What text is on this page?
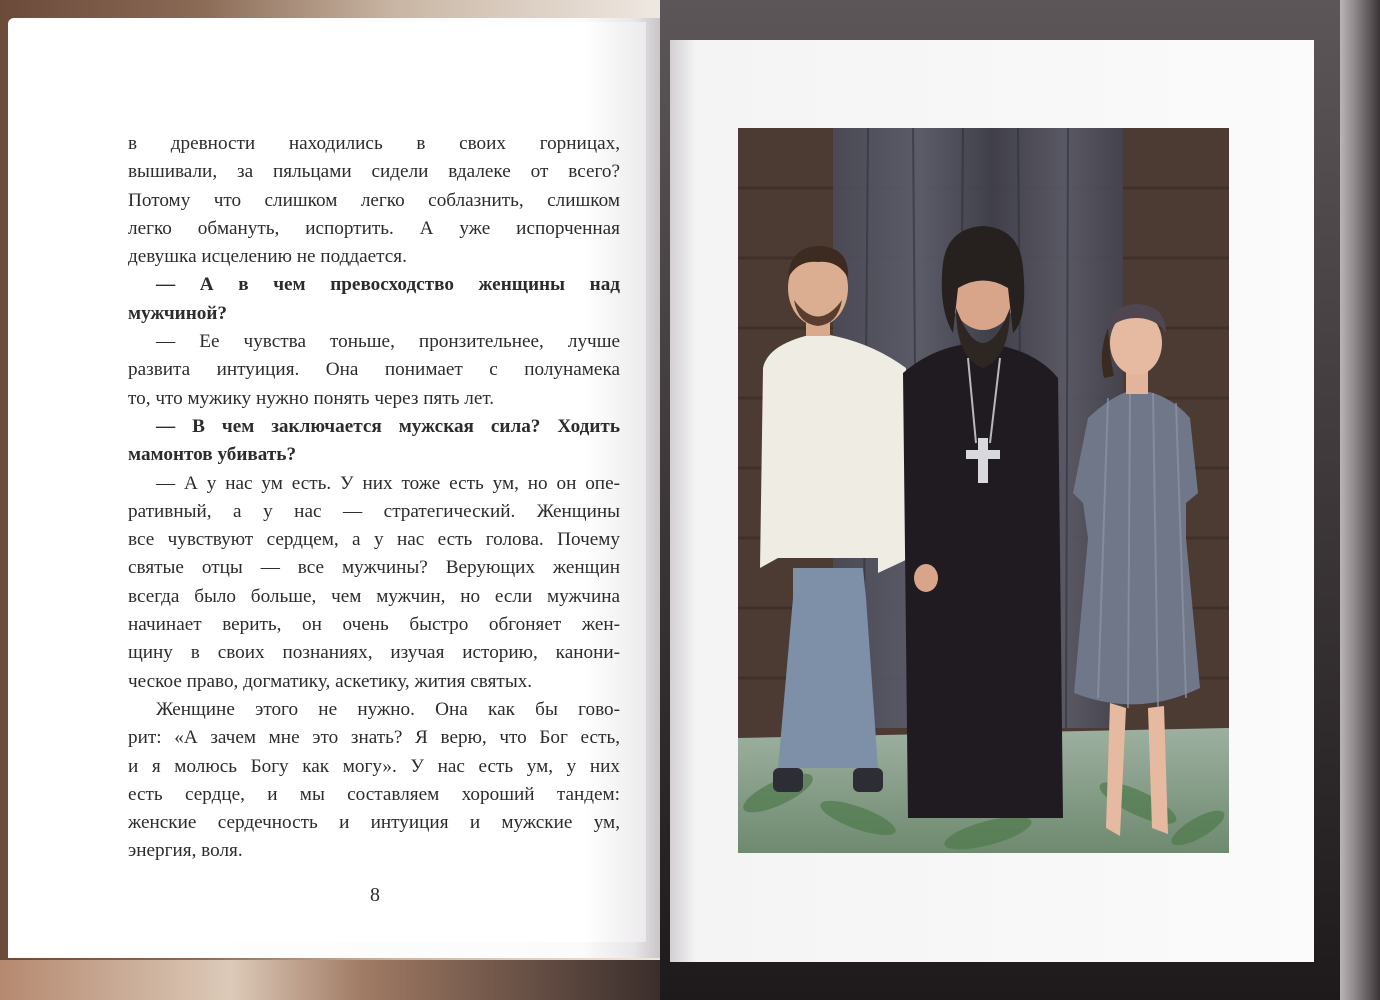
в древности находились в своих горницах,
вышивали, за пяльцами сидели вдалеке от всего?
Потому что слишком легко соблазнить, слишком
легко обмануть, испортить. А уже испорченная
девушка исцелению не поддается.
— А в чем превосходство женщины над
мужчиной?
— Ее чувства тоньше, пронзительнее, лучше
развита интуиция. Она понимает с полунамека
то, что мужику нужно понять через пять лет.
— В чем заключается мужская сила? Ходить
мамонтов убивать?
— А у нас ум есть. У них тоже есть ум, но он опе-
ративный, а у нас — стратегический. Женщины
все чувствуют сердцем, а у нас есть голова. Почему
святые отцы — все мужчины? Верующих женщин
всегда было больше, чем мужчин, но если мужчина
начинает верить, он очень быстро обгоняет жен-
щину в своих познаниях, изучая историю, канони-
ческое право, догматику, аскетику, жития святых.
Женщине этого не нужно. Она как бы гово-
рит: «А зачем мне это знать? Я верю, что Бог есть,
и я молюсь Богу как могу». У нас есть ум, у них
есть сердце, и мы составляем хороший тандем:
женские сердечность и интуиция и мужские ум,
энергия, воля.
8
